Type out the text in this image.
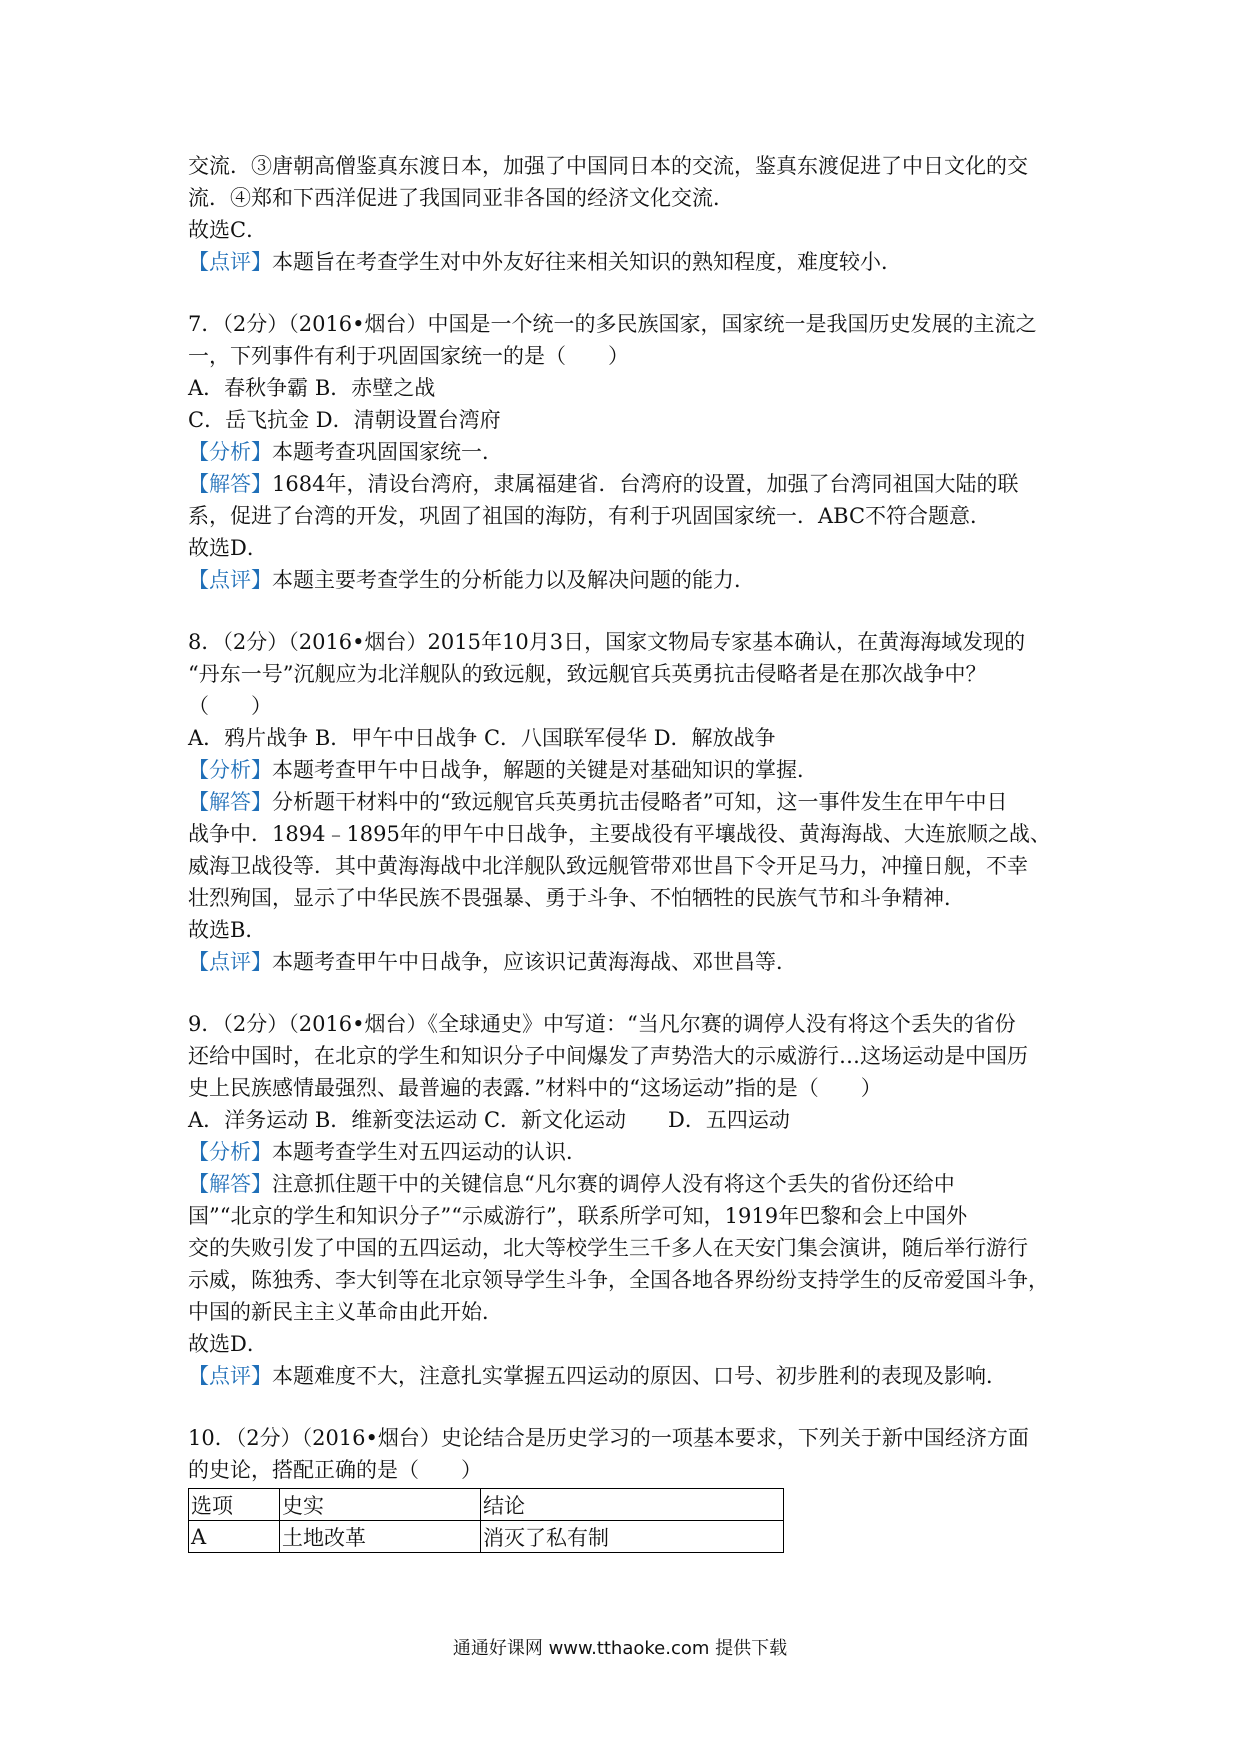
交流．③唐朝高僧鉴真东渡日本，加强了中国同日本的交流，鉴真东渡促进了中日文化的交
流．④郑和下西洋促进了我国同亚非各国的经济文化交流．
故选C．
【点评】本题旨在考查学生对中外友好往来相关知识的熟知程度，难度较小．
7．（2分）（2016•烟台）中国是一个统一的多民族国家，国家统一是我国历史发展的主流之
一，下列事件有利于巩固国家统一的是（　　）
A．春秋争霸 B．赤壁之战
C．岳飞抗金 D．清朝设置台湾府
【分析】本题考查巩固国家统一．
【解答】1684年，清设台湾府，隶属福建省．台湾府的设置，加强了台湾同祖国大陆的联
系，促进了台湾的开发，巩固了祖国的海防，有利于巩固国家统一．ABC不符合题意．
故选D．
【点评】本题主要考查学生的分析能力以及解决问题的能力．
8．（2分）（2016•烟台）2015年10月3日，国家文物局专家基本确认，在黄海海域发现的
“丹东一号”沉舰应为北洋舰队的致远舰，致远舰官兵英勇抗击侵略者是在那次战争中？
（　　）
A．鸦片战争 B．甲午中日战争 C．八国联军侵华 D．解放战争
【分析】本题考查甲午中日战争，解题的关键是对基础知识的掌握．
【解答】分析题干材料中的“致远舰官兵英勇抗击侵略者”可知，这一事件发生在甲午中日
战争中．1894﹣1895年的甲午中日战争，主要战役有平壤战役、黄海海战、大连旅顺之战、
威海卫战役等．其中黄海海战中北洋舰队致远舰管带邓世昌下令开足马力，冲撞日舰，不幸
壮烈殉国，显示了中华民族不畏强暴、勇于斗争、不怕牺牲的民族气节和斗争精神．
故选B．
【点评】本题考查甲午中日战争，应该识记黄海海战、邓世昌等．
9．（2分）（2016•烟台）《全球通史》中写道：“当凡尔赛的调停人没有将这个丢失的省份
还给中国时，在北京的学生和知识分子中间爆发了声势浩大的示威游行…这场运动是中国历
史上民族感情最强烈、最普遍的表露．”材料中的“这场运动”指的是（　　）
A．洋务运动 B．维新变法运动 C．新文化运动　　D．五四运动
【分析】本题考查学生对五四运动的认识．
【解答】注意抓住题干中的关键信息“凡尔赛的调停人没有将这个丢失的省份还给中
国”“北京的学生和知识分子”“示威游行”，联系所学可知，1919年巴黎和会上中国外
交的失败引发了中国的五四运动，北大等校学生三千多人在天安门集会演讲，随后举行游行
示威，陈独秀、李大钊等在北京领导学生斗争，全国各地各界纷纷支持学生的反帝爱国斗争，
中国的新民主主义革命由此开始．
故选D．
【点评】本题难度不大，注意扎实掌握五四运动的原因、口号、初步胜利的表现及影响．
10．（2分）（2016•烟台）史论结合是历史学习的一项基本要求，下列关于新中国经济方面
的史论，搭配正确的是（　　）
选项	史实	结论
A	土地改革	消灭了私有制
通通好课网 www.tthaoke.com 提供下载
